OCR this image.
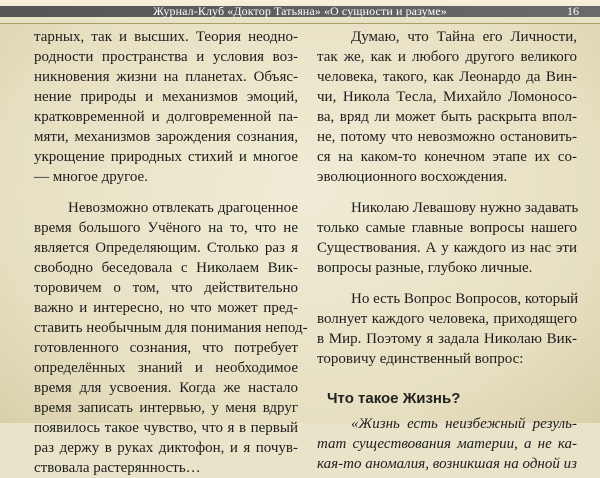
Журнал-Клуб «Доктор Татьяна» «О сущности и разуме»	16
тарных, так и высших. Теория неодно-
родности пространства и условия воз-
никновения жизни на планетах. Объяс-
нение природы и механизмов эмоций,
кратковременной и долговременной па-
мяти, механизмов зарождения сознания,
укрощение природных стихий и многое
— многое другое.
Невозможно отвлекать драгоценное
время большого Учёного на то, что не
является Определяющим. Столько раз я
свободно беседовала с Николаем Вик-
торовичем о том, что действительно
важно и интересно, но что может пред-
ставить необычным для понимания непод-
готовленного сознания, что потребует
определённых знаний и необходимое
время для усвоения. Когда же настало
время записать интервью, у меня вдруг
появилось такое чувство, что я в первый
раз держу в руках диктофон, и я почув-
ствовала растерянность…
Думаю, что Тайна его Личности,
так же, как и любого другого великого
человека, такого, как Леонардо да Вин-
чи, Никола Тесла, Михайло Ломоносо-
ва, вряд ли может быть раскрыта впол-
не, потому что невозможно остановить-
ся на каком-то конечном этапе их со-
эволюционного восхождения.
Николаю Левашову нужно задавать
только самые главные вопросы нашего
Существования. А у каждого из нас эти
вопросы разные, глубоко личные.
Но есть Вопрос Вопросов, который
волнует каждого человека, приходящего
в Мир. Поэтому я задала Николаю Вик-
торовичу единственный вопрос:
Что такое Жизнь?
«Жизнь есть неизбежный резуль-
тат существования материи, а не ка-
кая-то аномалия, возникшая на одной из
